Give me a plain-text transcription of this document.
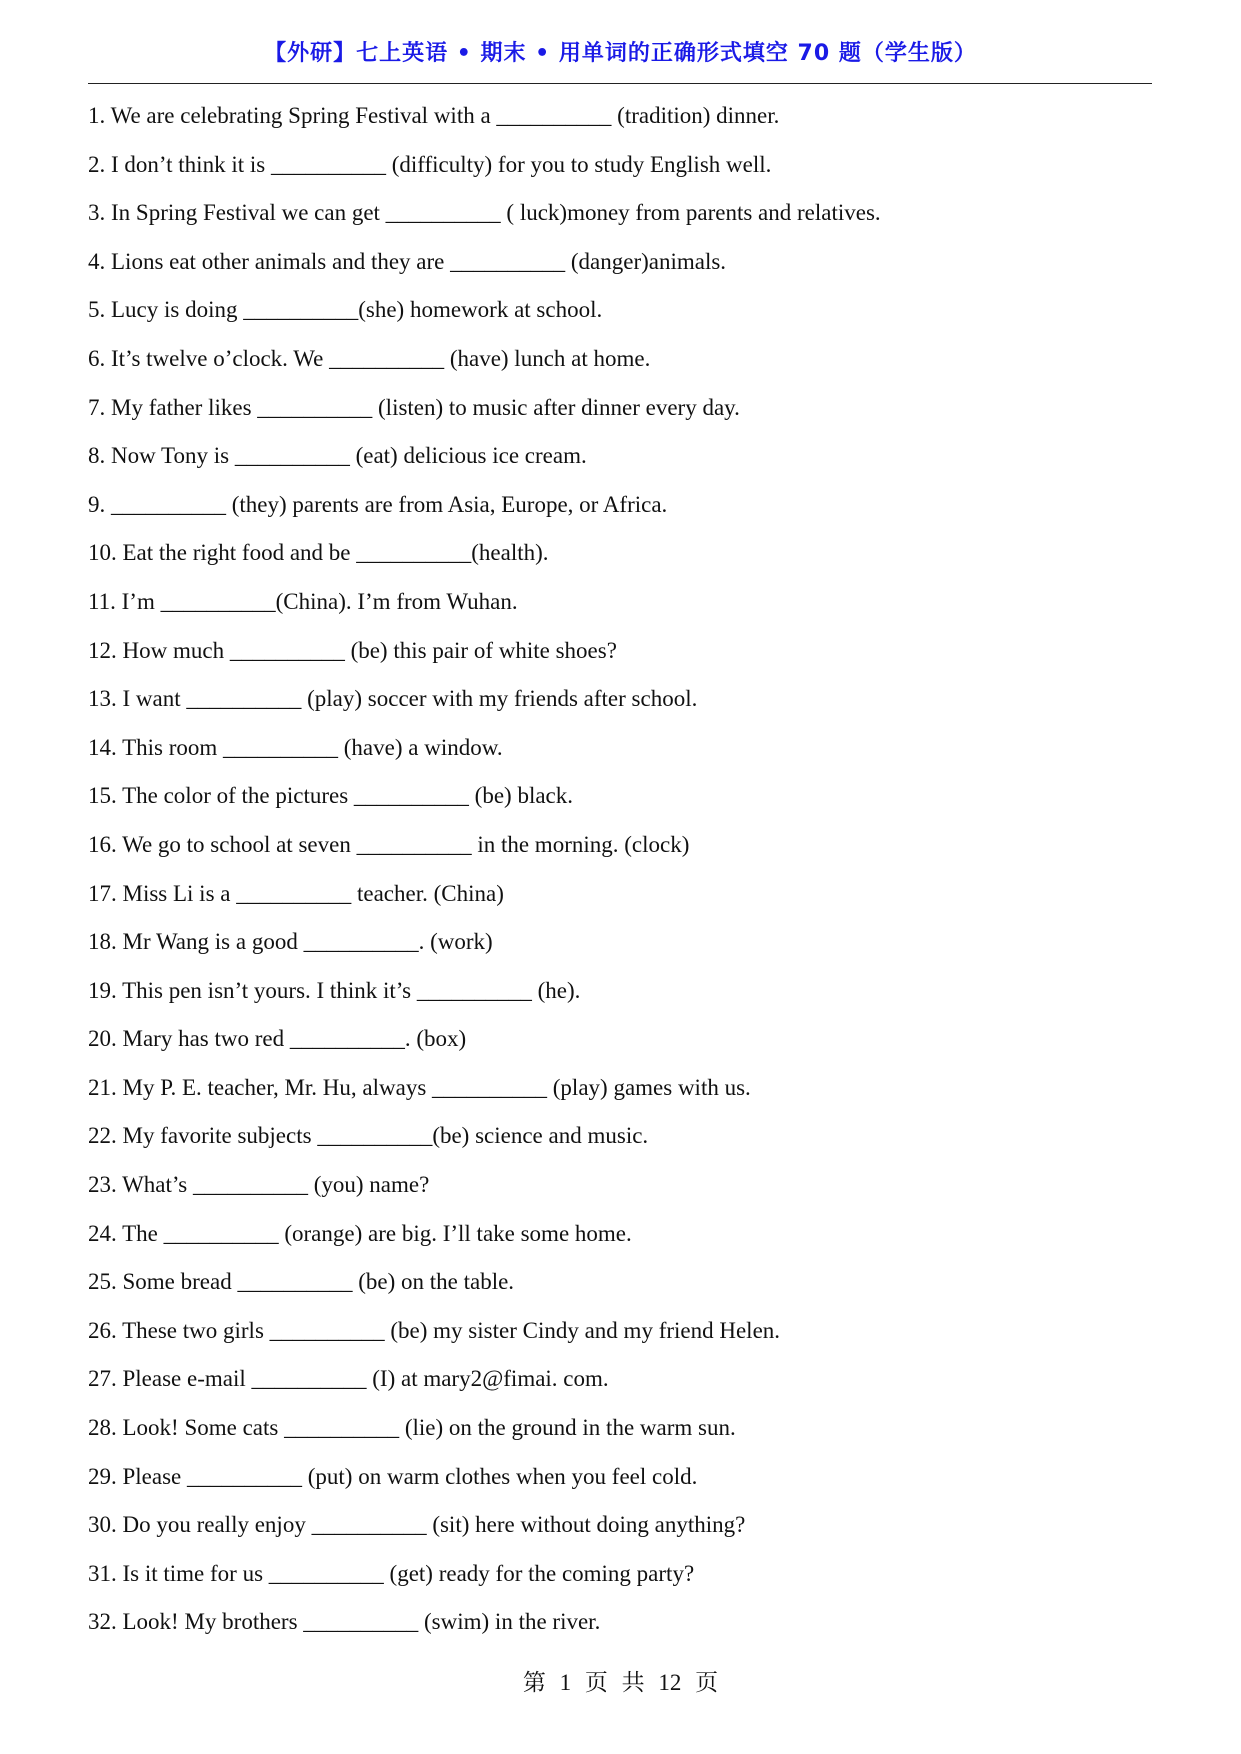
【外研】七上英语 • 期末 • 用单词的正确形式填空 70 题（学生版）
1. We are celebrating Spring Festival with a __________ (tradition) dinner.
2. I don’t think it is __________ (difficulty) for you to study English well.
3. In Spring Festival we can get __________ ( luck)money from parents and relatives.
4. Lions eat other animals and they are __________ (danger)animals.
5. Lucy is doing __________(she) homework at school.
6. It’s twelve o’clock. We __________ (have) lunch at home.
7. My father likes __________ (listen) to music after dinner every day.
8. Now Tony is __________ (eat) delicious ice cream.
9. __________ (they) parents are from Asia, Europe, or Africa.
10. Eat the right food and be __________(health).
11. I’m __________(China). I’m from Wuhan.
12. How much __________ (be) this pair of white shoes?
13. I want __________ (play) soccer with my friends after school.
14. This room __________ (have) a window.
15. The color of the pictures __________ (be) black.
16. We go to school at seven __________ in the morning. (clock)
17. Miss Li is a __________ teacher. (China)
18. Mr Wang is a good __________. (work)
19. This pen isn’t yours. I think it’s __________ (he).
20. Mary has two red __________. (box)
21. My P. E. teacher, Mr. Hu, always __________ (play) games with us.
22. My favorite subjects __________(be) science and music.
23. What’s __________ (you) name?
24. The __________ (orange) are big. I’ll take some home.
25. Some bread __________ (be) on the table.
26. These two girls __________ (be) my sister Cindy and my friend Helen.
27. Please e-mail __________ (I) at mary2@fimai. com.
28. Look! Some cats __________ (lie) on the ground in the warm sun.
29. Please __________ (put) on warm clothes when you feel cold.
30. Do you really enjoy __________ (sit) here without doing anything?
31. Is it time for us __________ (get) ready for the coming party?
32. Look! My brothers __________ (swim) in the river.
第 1 页 共 12 页
